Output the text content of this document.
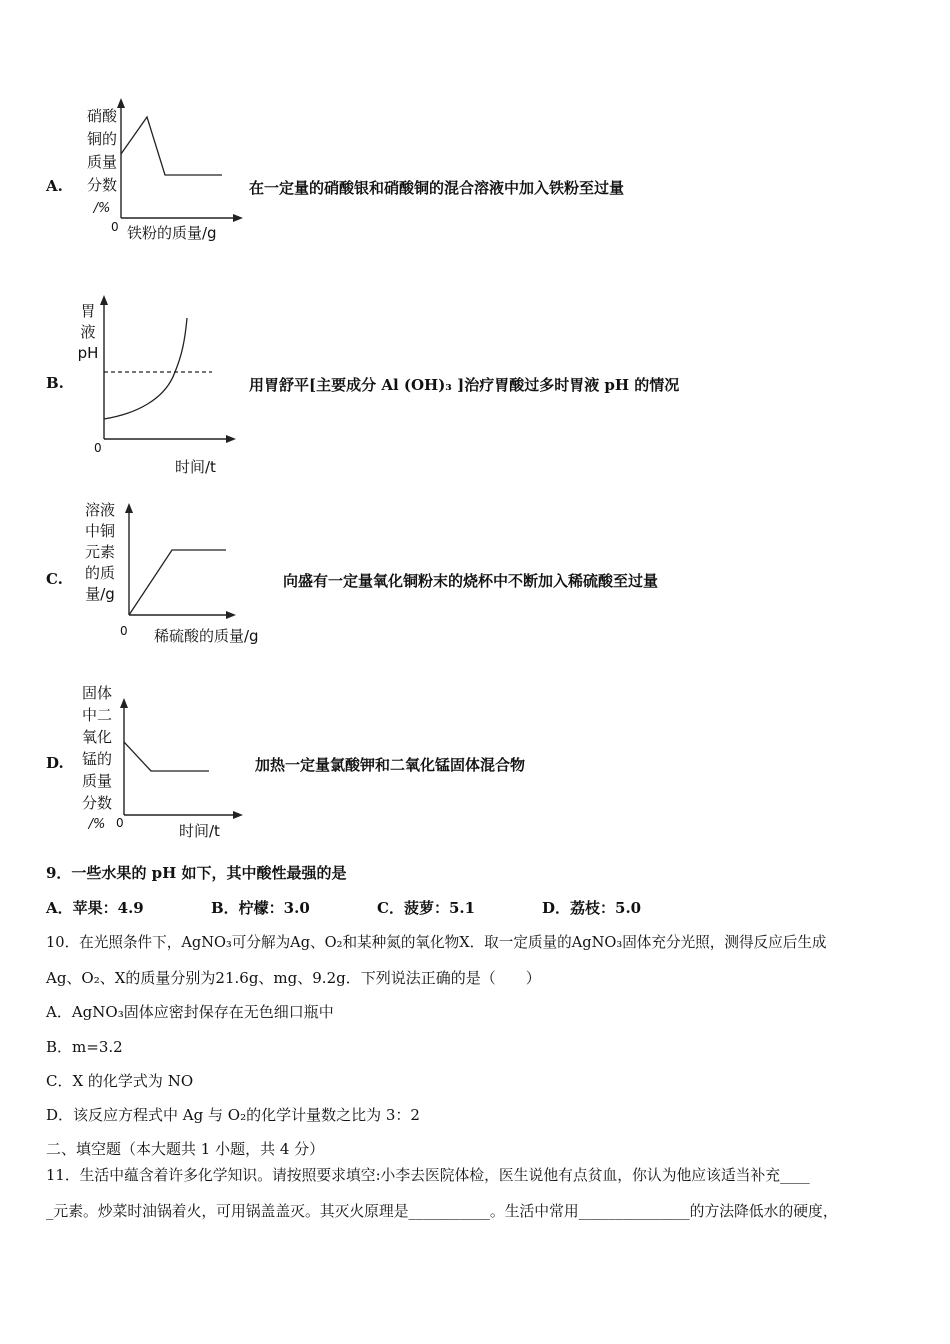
A.
硝酸
铜的
质量
分数
/%
0 铁粉的质量/g
在一定量的硝酸银和硝酸铜的混合溶液中加入铁粉至过量
B.
胃
液
pH
0
时间/t
用胃舒平[主要成分 Al (OH)₃ ]治疗胃酸过多时胃液 pH 的情况
C.
溶液
中铜
元素
的质
量/g
0 稀硫酸的质量/g
向盛有一定量氧化铜粉末的烧杯中不断加入稀硫酸至过量
D.
固体
中二
氧化
锰的
质量
分数
/% 0	时间/t
加热一定量氯酸钾和二氧化锰固体混合物
9．一些水果的 pH 如下，其中酸性最强的是
A．苹果：4.9	B．柠檬：3.0	C．菠萝：5.1	D．荔枝：5.0
10．在光照条件下，AgNO₃可分解为Ag、O₂和某种氮的氧化物X．取一定质量的AgNO₃固体充分光照，测得反应后生成
Ag、O₂、X的质量分别为21.6g、mg、9.2g．下列说法正确的是（　　）
A．AgNO₃固体应密封保存在无色细口瓶中
B．m=3.2
C．X 的化学式为 NO
D．该反应方程式中 Ag 与 O₂的化学计量数之比为 3：2
二、填空题（本大题共 1 小题，共 4 分）
11．生活中蕴含着许多化学知识。请按照要求填空:小李去医院体检，医生说他有点贫血，你认为他应该适当补充____
_元素。炒菜时油锅着火，可用锅盖盖灭。其灭火原理是___________。生活中常用_______________的方法降低水的硬度，
